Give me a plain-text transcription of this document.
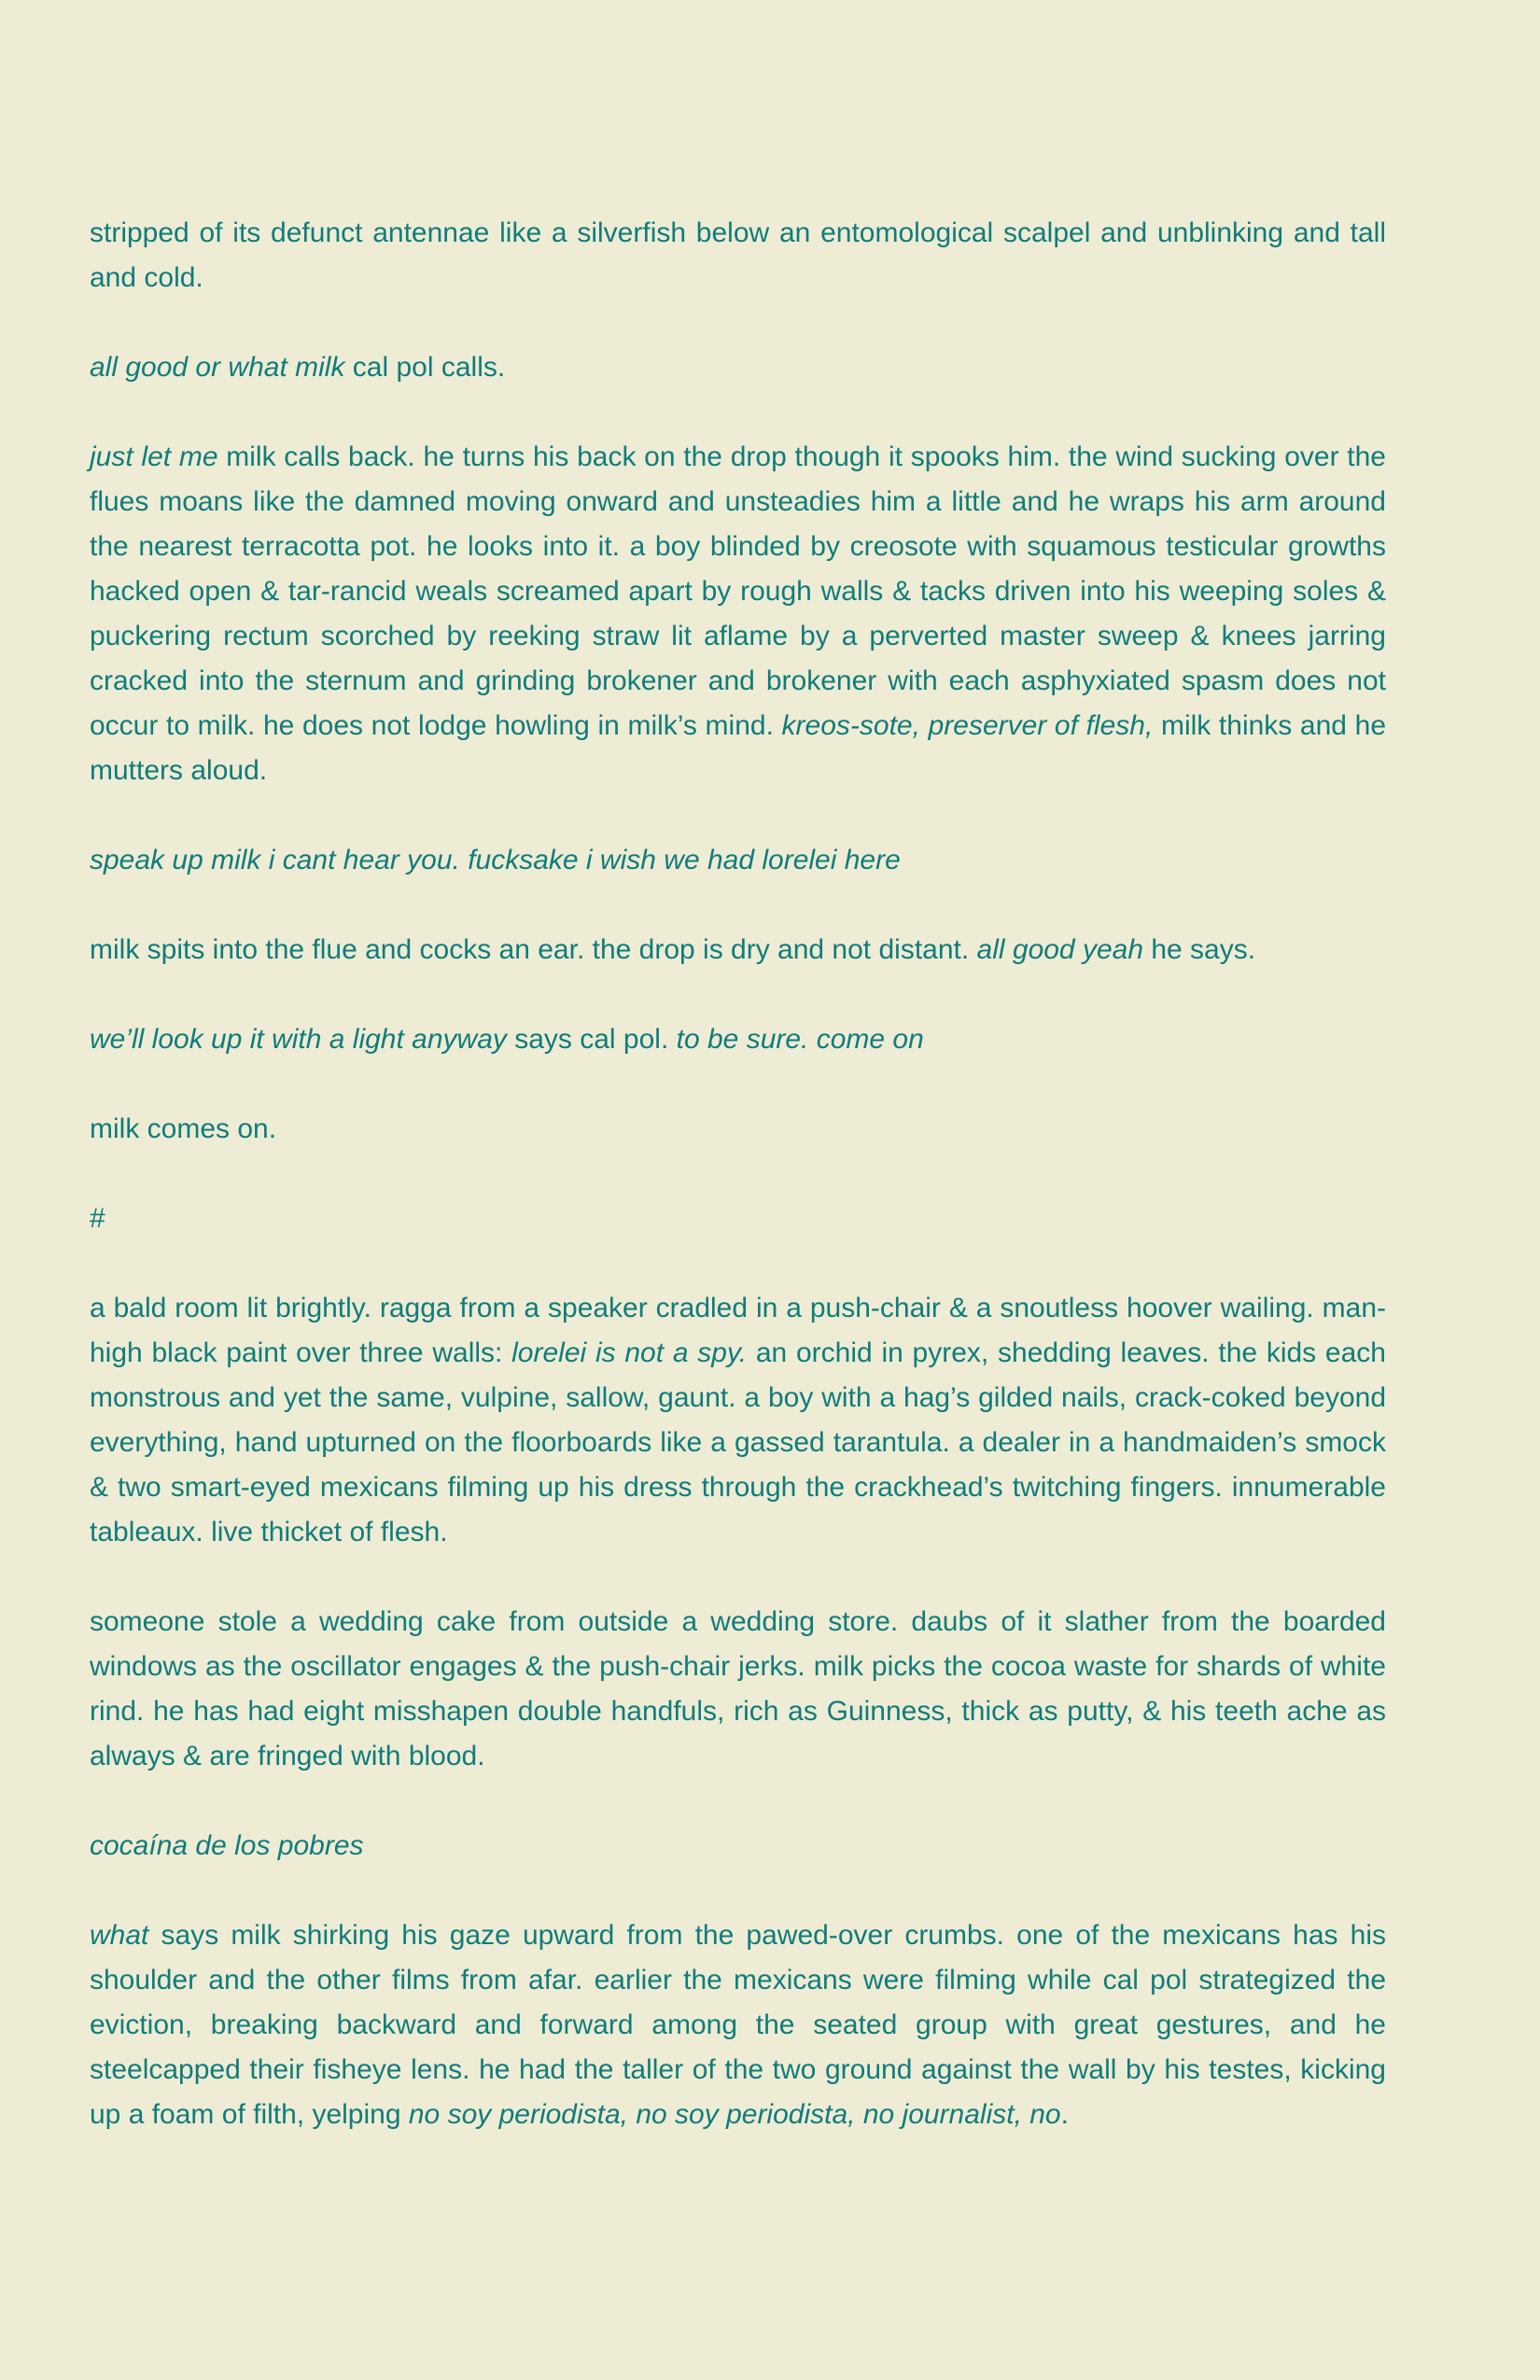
stripped of its defunct antennae like a silverfish below an entomological scalpel and unblinking and tall and cold.

all good or what milk cal pol calls.

just let me milk calls back. he turns his back on the drop though it spooks him. the wind sucking over the flues moans like the damned moving onward and unsteadies him a little and he wraps his arm around the nearest terracotta pot. he looks into it. a boy blinded by creosote with squamous testicular growths hacked open & tar-rancid weals screamed apart by rough walls & tacks driven into his weeping soles & puckering rectum scorched by reeking straw lit aflame by a perverted master sweep & knees jarring cracked into the sternum and grinding brokener and brokener with each asphyxiated spasm does not occur to milk. he does not lodge howling in milk’s mind. kreos-sote, preserver of flesh, milk thinks and he mutters aloud.

speak up milk i cant hear you. fucksake i wish we had lorelei here

milk spits into the flue and cocks an ear. the drop is dry and not distant. all good yeah he says.

we’ll look up it with a light anyway says cal pol. to be sure. come on

milk comes on.

#

a bald room lit brightly. ragga from a speaker cradled in a push-chair & a snoutless hoover wailing. man-high black paint over three walls: lorelei is not a spy. an orchid in pyrex, shedding leaves. the kids each monstrous and yet the same, vulpine, sallow, gaunt. a boy with a hag’s gilded nails, crack-coked beyond everything, hand upturned on the floorboards like a gassed tarantula. a dealer in a handmaiden’s smock & two smart-eyed mexicans filming up his dress through the crackhead’s twitching fingers. innumerable tableaux. live thicket of flesh.

someone stole a wedding cake from outside a wedding store. daubs of it slather from the boarded windows as the oscillator engages & the push-chair jerks. milk picks the cocoa waste for shards of white rind. he has had eight misshapen double handfuls, rich as Guinness, thick as putty, & his teeth ache as always & are fringed with blood.

cocaína de los pobres

what says milk shirking his gaze upward from the pawed-over crumbs. one of the mexicans has his shoulder and the other films from afar. earlier the mexicans were filming while cal pol strategized the eviction, breaking backward and forward among the seated group with great gestures, and he steelcapped their fisheye lens. he had the taller of the two ground against the wall by his testes, kicking up a foam of filth, yelping no soy periodista, no soy periodista, no journalist, no.
